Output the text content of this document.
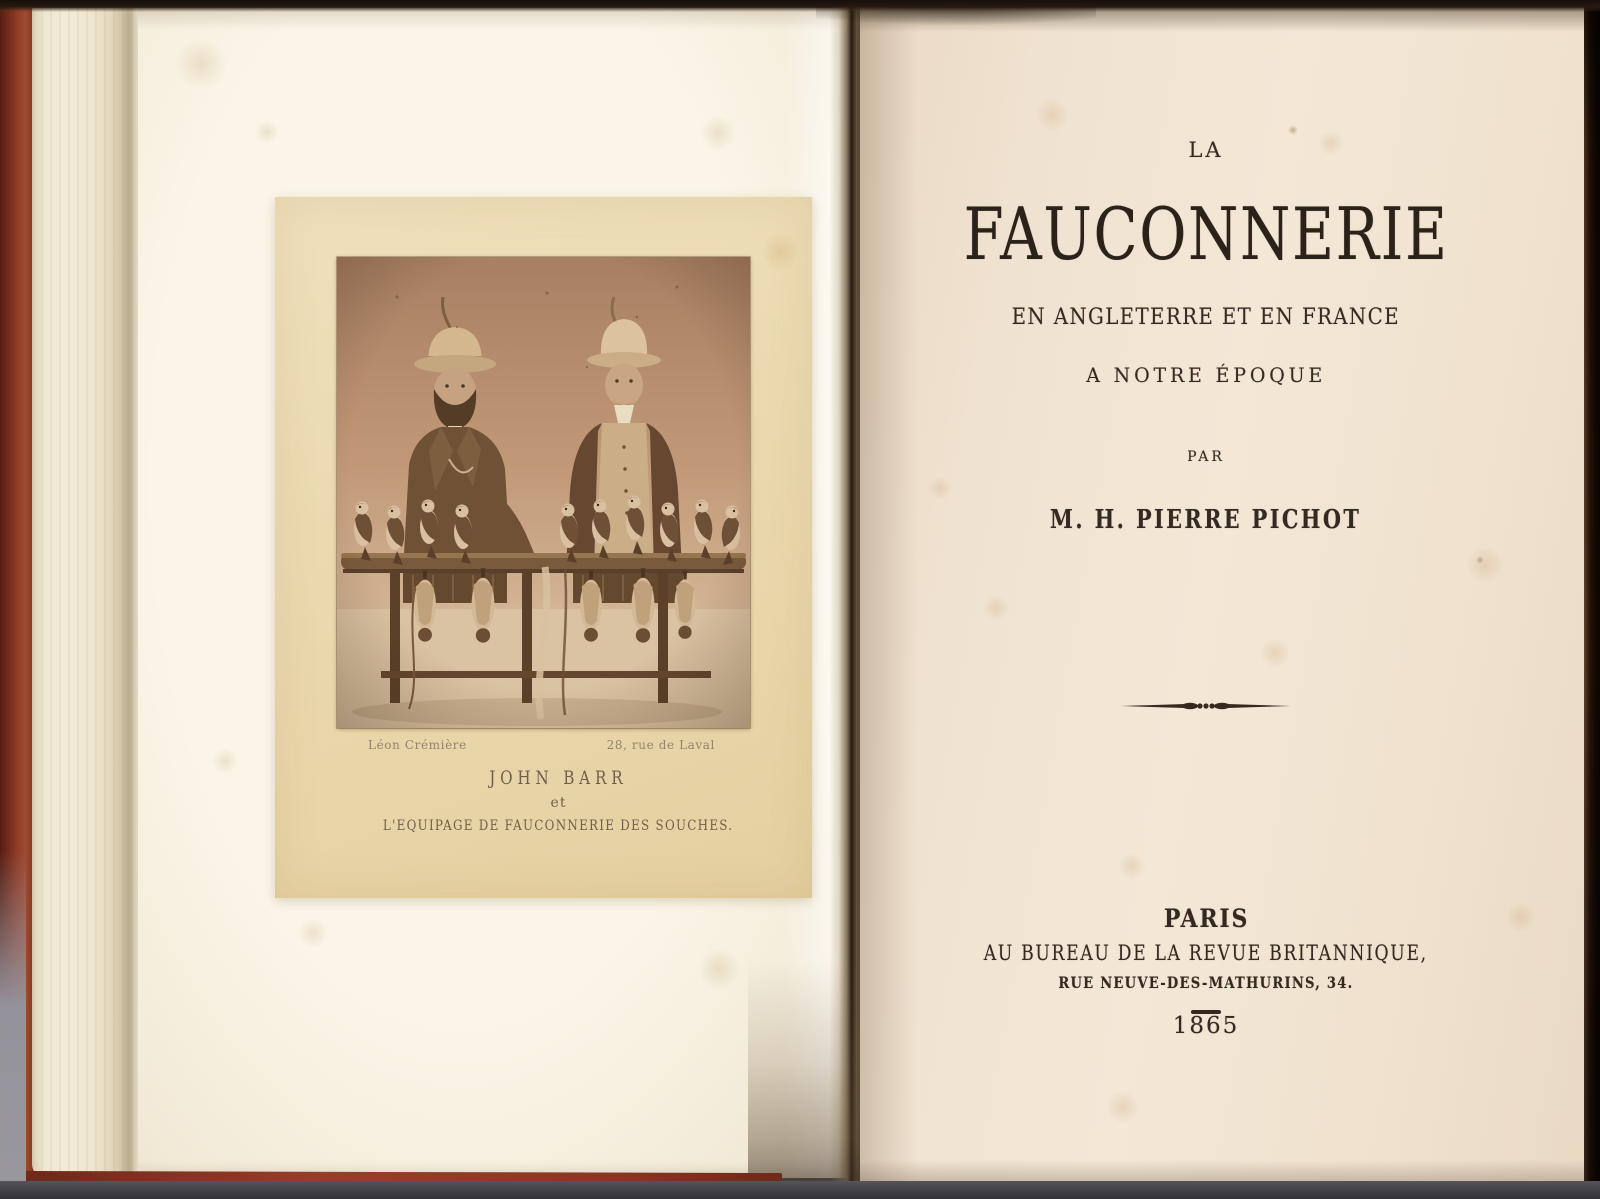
Léon Crémière	28, rue de Laval
JOHN BARR
et
L'EQUIPAGE DE FAUCONNERIE DES SOUCHES.
LA
FAUCONNERIE
EN ANGLETERRE ET EN FRANCE
A NOTRE ÉPOQUE
PAR
M. H. PIERRE PICHOT
PARIS
AU BUREAU DE LA REVUE BRITANNIQUE,
RUE NEUVE-DES-MATHURINS, 34.
1865
